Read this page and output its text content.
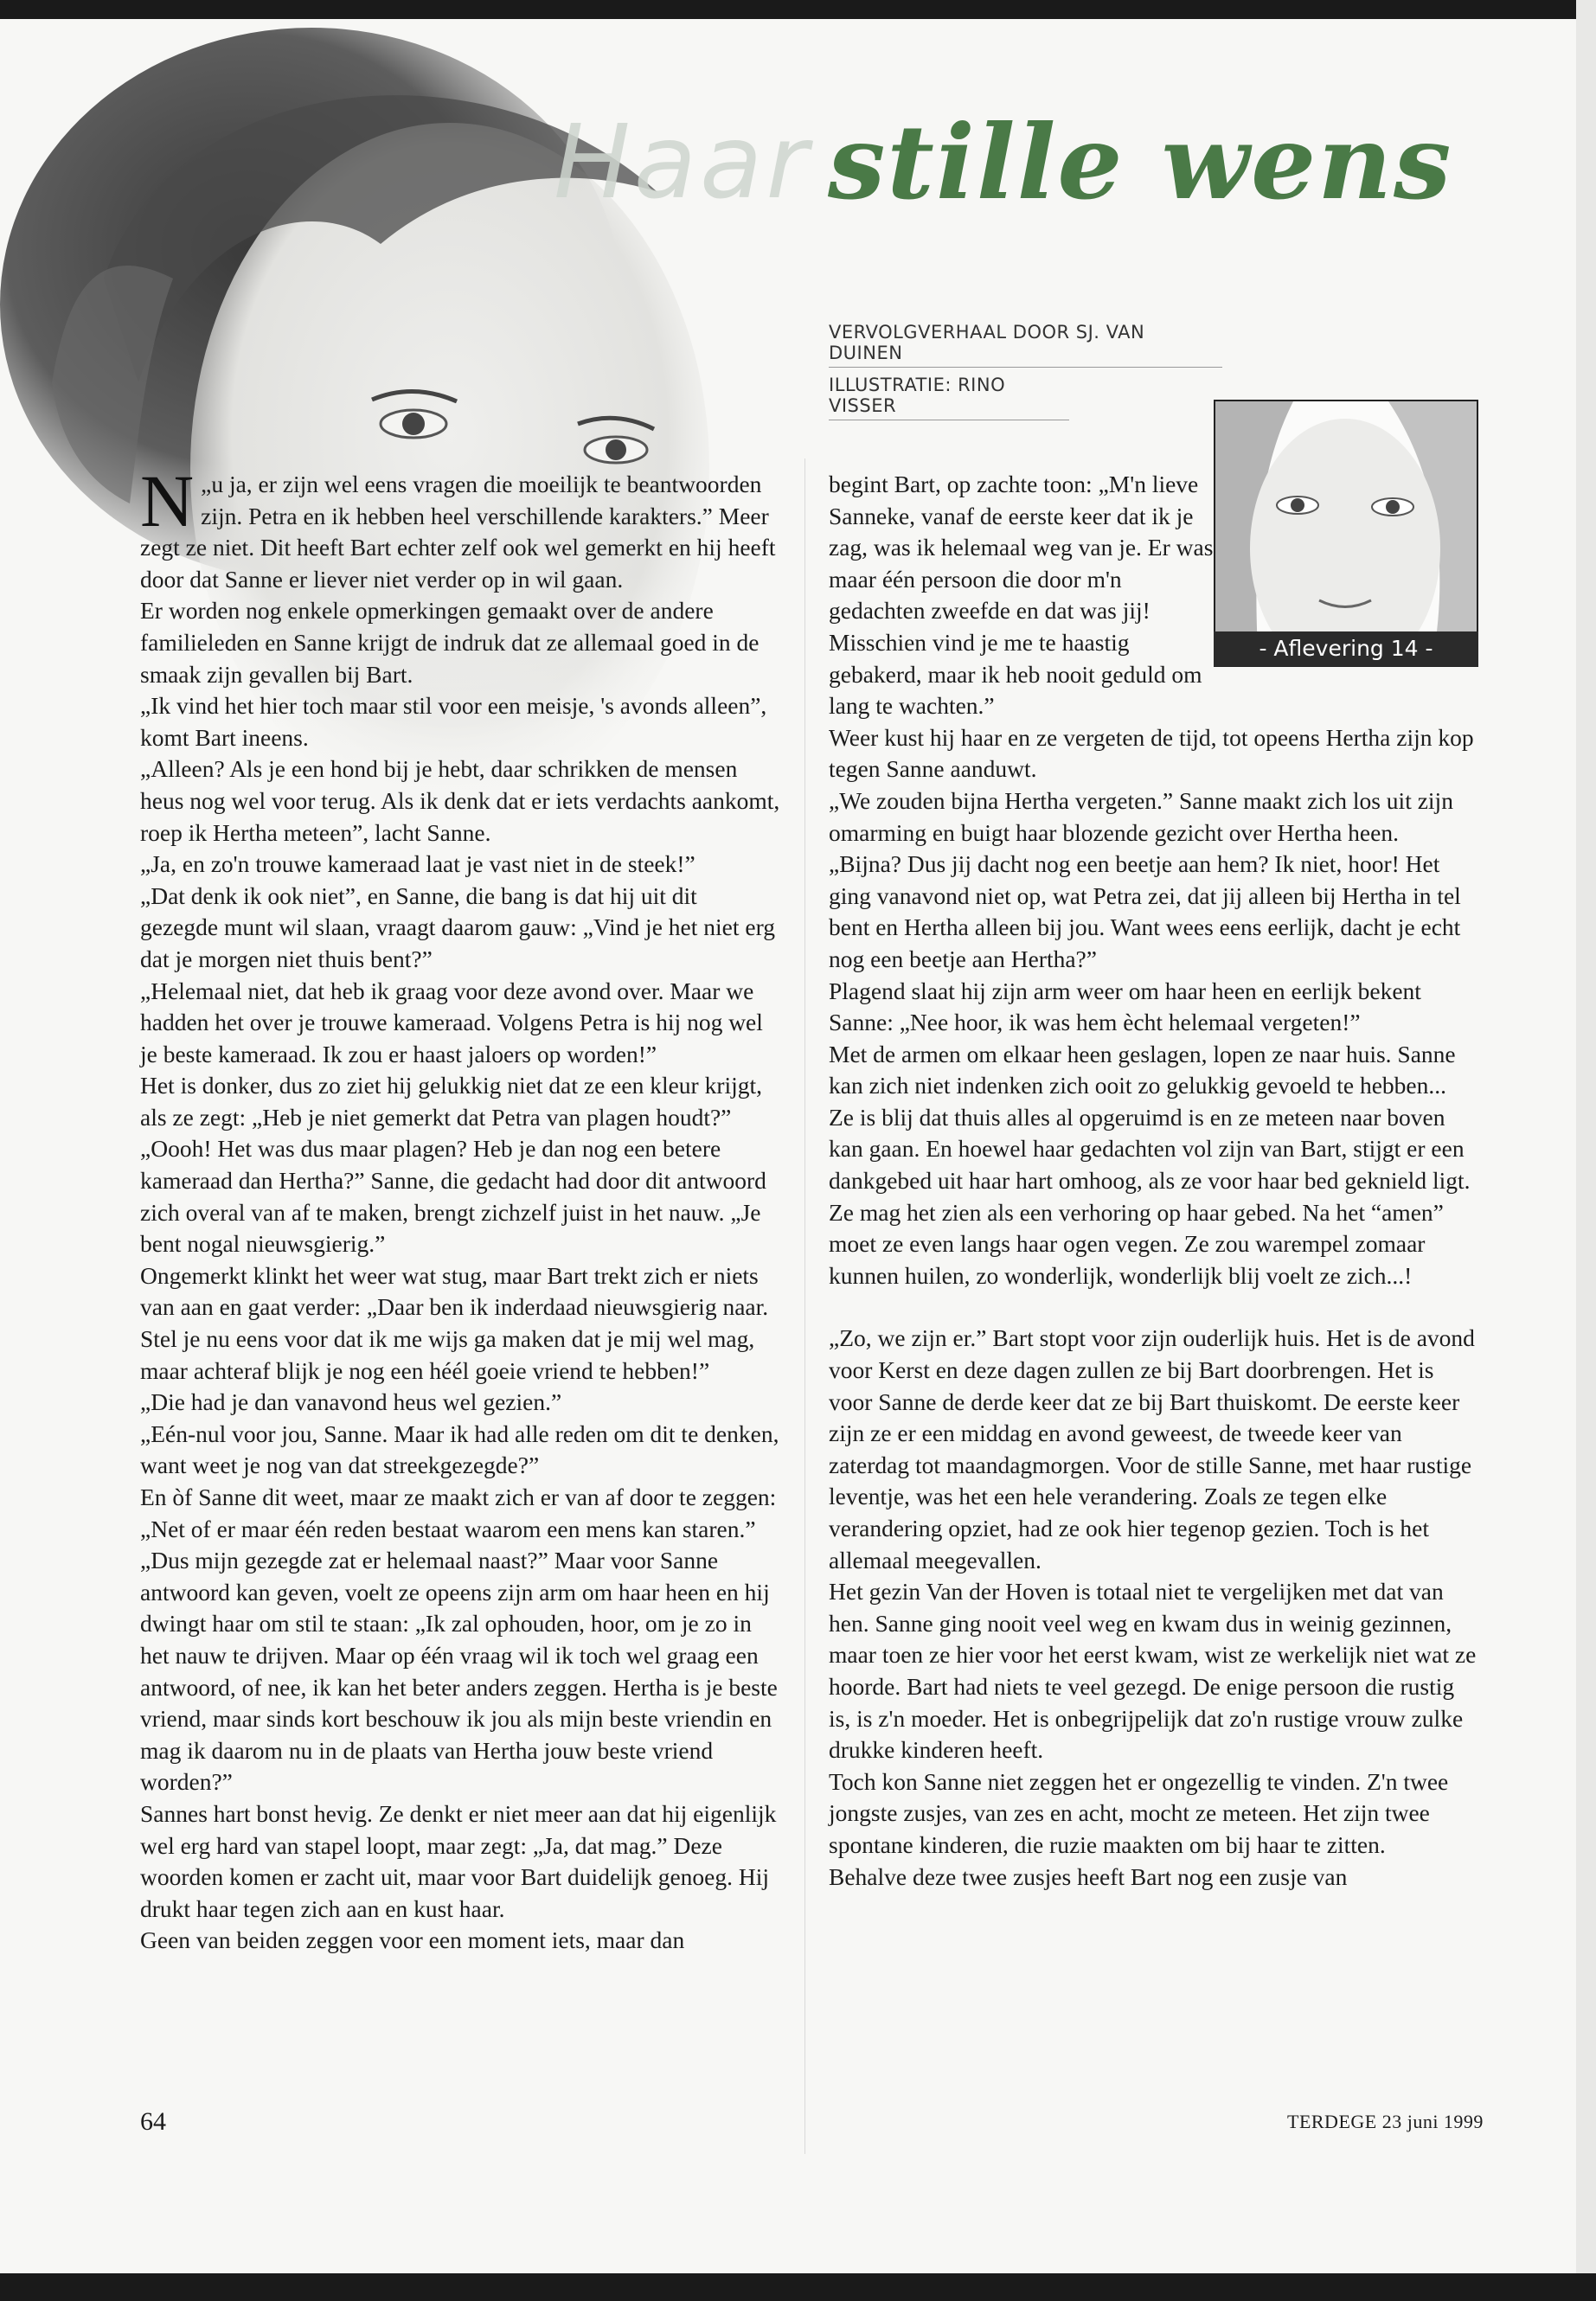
Haar stille wens
VERVOLGVERHAAL DOOR SJ. VAN DUINEN
ILLUSTRATIE: RINO VISSER
- Aflevering 14 -
N „u ja, er zijn wel eens vragen die moeilijk te beantwoorden zijn. Petra en ik hebben heel verschillende karakters.” Meer zegt ze niet. Dit heeft Bart echter zelf ook wel gemerkt en hij heeft door dat Sanne er liever niet verder op in wil gaan.

Er worden nog enkele opmerkingen gemaakt over de andere familieleden en Sanne krijgt de indruk dat ze allemaal goed in de smaak zijn gevallen bij Bart.

„Ik vind het hier toch maar stil voor een meisje, 's avonds alleen”, komt Bart ineens.

„Alleen? Als je een hond bij je hebt, daar schrikken de mensen heus nog wel voor terug. Als ik denk dat er iets verdachts aankomt, roep ik Hertha meteen”, lacht Sanne.

„Ja, en zo'n trouwe kameraad laat je vast niet in de steek!”

„Dat denk ik ook niet”, en Sanne, die bang is dat hij uit dit gezegde munt wil slaan, vraagt daarom gauw: „Vind je het niet erg dat je morgen niet thuis bent?”

„Helemaal niet, dat heb ik graag voor deze avond over. Maar we hadden het over je trouwe kameraad. Volgens Petra is hij nog wel je beste kameraad. Ik zou er haast jaloers op worden!”

Het is donker, dus zo ziet hij gelukkig niet dat ze een kleur krijgt, als ze zegt: „Heb je niet gemerkt dat Petra van plagen houdt?”

„Oooh! Het was dus maar plagen? Heb je dan nog een betere kameraad dan Hertha?” Sanne, die gedacht had door dit antwoord zich overal van af te maken, brengt zichzelf juist in het nauw. „Je bent nogal nieuwsgierig.”

Ongemerkt klinkt het weer wat stug, maar Bart trekt zich er niets van aan en gaat verder: „Daar ben ik inderdaad nieuwsgierig naar. Stel je nu eens voor dat ik me wijs ga maken dat je mij wel mag, maar achteraf blijk je nog een héél goeie vriend te hebben!”

„Die had je dan vanavond heus wel gezien.”

„Eén-nul voor jou, Sanne. Maar ik had alle reden om dit te denken, want weet je nog van dat streekgezegde?”

En òf Sanne dit weet, maar ze maakt zich er van af door te zeggen: „Net of er maar één reden bestaat waarom een mens kan staren.”

„Dus mijn gezegde zat er helemaal naast?” Maar voor Sanne antwoord kan geven, voelt ze opeens zijn arm om haar heen en hij dwingt haar om stil te staan: „Ik zal ophouden, hoor, om je zo in het nauw te drijven. Maar op één vraag wil ik toch wel graag een antwoord, of nee, ik kan het beter anders zeggen. Hertha is je beste vriend, maar sinds kort beschouw ik jou als mijn beste vriendin en mag ik daarom nu in de plaats van Hertha jouw beste vriend worden?”

Sannes hart bonst hevig. Ze denkt er niet meer aan dat hij eigenlijk wel erg hard van stapel loopt, maar zegt: „Ja, dat mag.” Deze woorden komen er zacht uit, maar voor Bart duidelijk genoeg. Hij drukt haar tegen zich aan en kust haar.

Geen van beiden zeggen voor een moment iets, maar dan

begint Bart, op zachte toon: „M'n lieve Sanneke, vanaf de eerste keer dat ik je zag, was ik helemaal weg van je. Er was maar één persoon die door m'n gedachten zweefde en dat was jij! Misschien vind je me te haastig gebakerd, maar ik heb nooit geduld om lang te wachten.”

Weer kust hij haar en ze vergeten de tijd, tot opeens Hertha zijn kop tegen Sanne aanduwt.

„We zouden bijna Hertha vergeten.” Sanne maakt zich los uit zijn omarming en buigt haar blozende gezicht over Hertha heen.

„Bijna? Dus jij dacht nog een beetje aan hem? Ik niet, hoor! Het ging vanavond niet op, wat Petra zei, dat jij alleen bij Hertha in tel bent en Hertha alleen bij jou. Want wees eens eerlijk, dacht je echt nog een beetje aan Hertha?”

Plagend slaat hij zijn arm weer om haar heen en eerlijk bekent Sanne: „Nee hoor, ik was hem ècht helemaal vergeten!”

Met de armen om elkaar heen geslagen, lopen ze naar huis. Sanne kan zich niet indenken zich ooit zo gelukkig gevoeld te hebben...

Ze is blij dat thuis alles al opgeruimd is en ze meteen naar boven kan gaan. En hoewel haar gedachten vol zijn van Bart, stijgt er een dankgebed uit haar hart omhoog, als ze voor haar bed geknield ligt. Ze mag het zien als een verhoring op haar gebed. Na het “amen” moet ze even langs haar ogen vegen. Ze zou warempel zomaar kunnen huilen, zo wonderlijk, wonderlijk blij voelt ze zich...!

„Zo, we zijn er.” Bart stopt voor zijn ouderlijk huis. Het is de avond voor Kerst en deze dagen zullen ze bij Bart doorbrengen. Het is voor Sanne de derde keer dat ze bij Bart thuiskomt. De eerste keer zijn ze er een middag en avond geweest, de tweede keer van zaterdag tot maandagmorgen. Voor de stille Sanne, met haar rustige leventje, was het een hele verandering. Zoals ze tegen elke verandering opziet, had ze ook hier tegenop gezien. Toch is het allemaal meegevallen.

Het gezin Van der Hoven is totaal niet te vergelijken met dat van hen. Sanne ging nooit veel weg en kwam dus in weinig gezinnen, maar toen ze hier voor het eerst kwam, wist ze werkelijk niet wat ze hoorde. Bart had niets te veel gezegd. De enige persoon die rustig is, is z'n moeder. Het is onbegrijpelijk dat zo'n rustige vrouw zulke drukke kinderen heeft.

Toch kon Sanne niet zeggen het er ongezellig te vinden. Z'n twee jongste zusjes, van zes en acht, mocht ze meteen. Het zijn twee spontane kinderen, die ruzie maakten om bij haar te zitten.

Behalve deze twee zusjes heeft Bart nog een zusje van

64	TERDEGE 23 juni 1999
